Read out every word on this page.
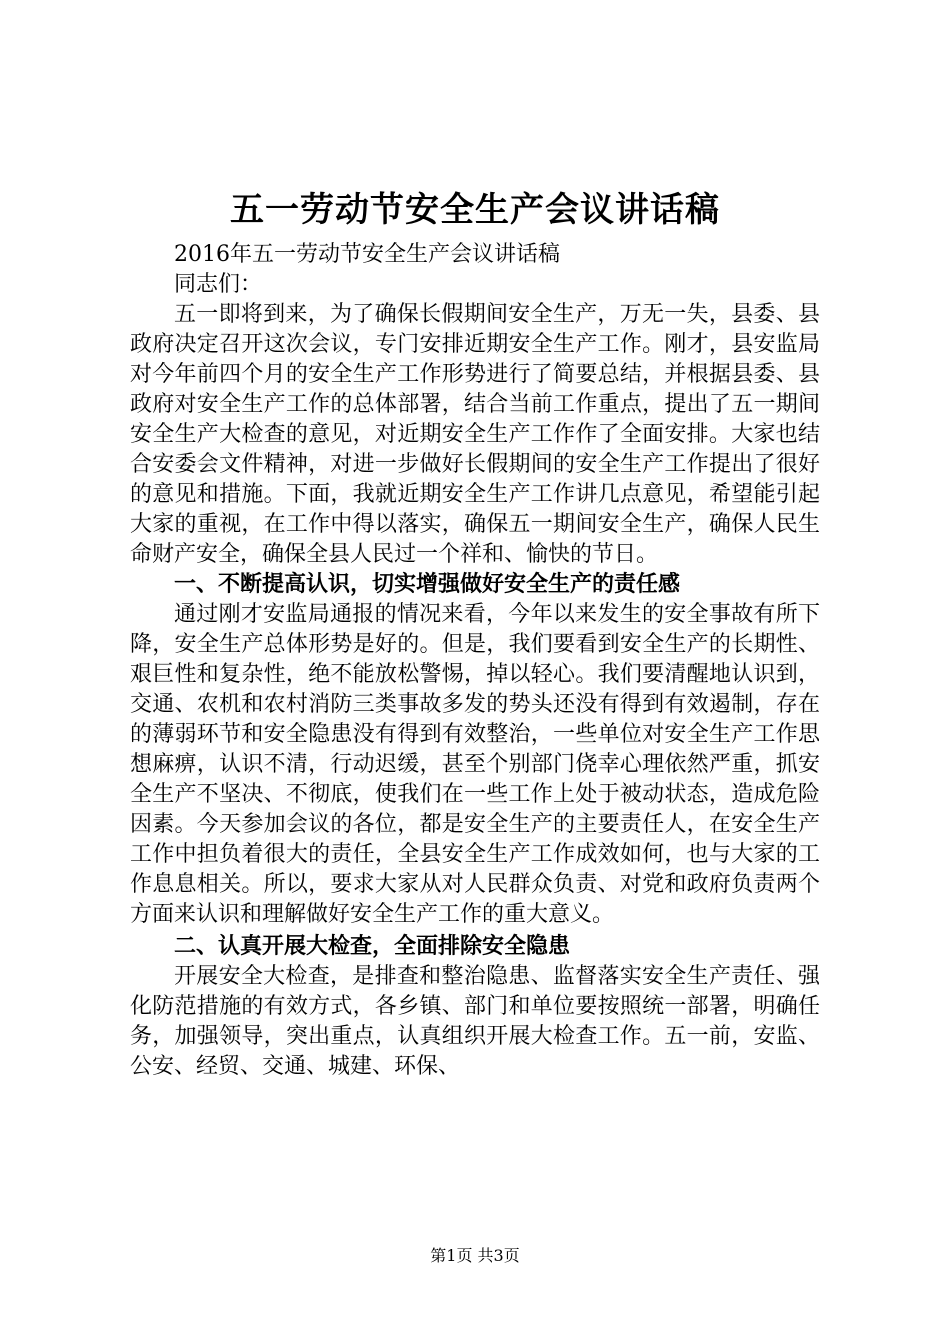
五一劳动节安全生产会议讲话稿

2016年五一劳动节安全生产会议讲话稿

同志们：

五一即将到来，为了确保长假期间安全生产，万无一失，县委、县政府决定召开这次会议，专门安排近期安全生产工作。刚才，县安监局对今年前四个月的安全生产工作形势进行了简要总结，并根据县委、县政府对安全生产工作的总体部署，结合当前工作重点，提出了五一期间安全生产大检查的意见，对近期安全生产工作作了全面安排。大家也结合安委会文件精神，对进一步做好长假期间的安全生产工作提出了很好的意见和措施。下面，我就近期安全生产工作讲几点意见，希望能引起大家的重视，在工作中得以落实，确保五一期间安全生产，确保人民生命财产安全，确保全县人民过一个祥和、愉快的节日。

一、不断提高认识，切实增强做好安全生产的责任感

通过刚才安监局通报的情况来看，今年以来发生的安全事故有所下降，安全生产总体形势是好的。但是，我们要看到安全生产的长期性、艰巨性和复杂性，绝不能放松警惕，掉以轻心。我们要清醒地认识到，交通、农机和农村消防三类事故多发的势头还没有得到有效遏制，存在的薄弱环节和安全隐患没有得到有效整治，一些单位对安全生产工作思想麻痹，认识不清，行动迟缓，甚至个别部门侥幸心理依然严重，抓安全生产不坚决、不彻底，使我们在一些工作上处于被动状态，造成危险因素。今天参加会议的各位，都是安全生产的主要责任人，在安全生产工作中担负着很大的责任，全县安全生产工作成效如何，也与大家的工作息息相关。所以，要求大家从对人民群众负责、对党和政府负责两个方面来认识和理解做好安全生产工作的重大意义。

二、认真开展大检查，全面排除安全隐患

开展安全大检查，是排查和整治隐患、监督落实安全生产责任、强化防范措施的有效方式，各乡镇、部门和单位要按照统一部署，明确任务，加强领导，突出重点，认真组织开展大检查工作。五一前，安监、公安、经贸、交通、城建、环保、

第1页 共3页
